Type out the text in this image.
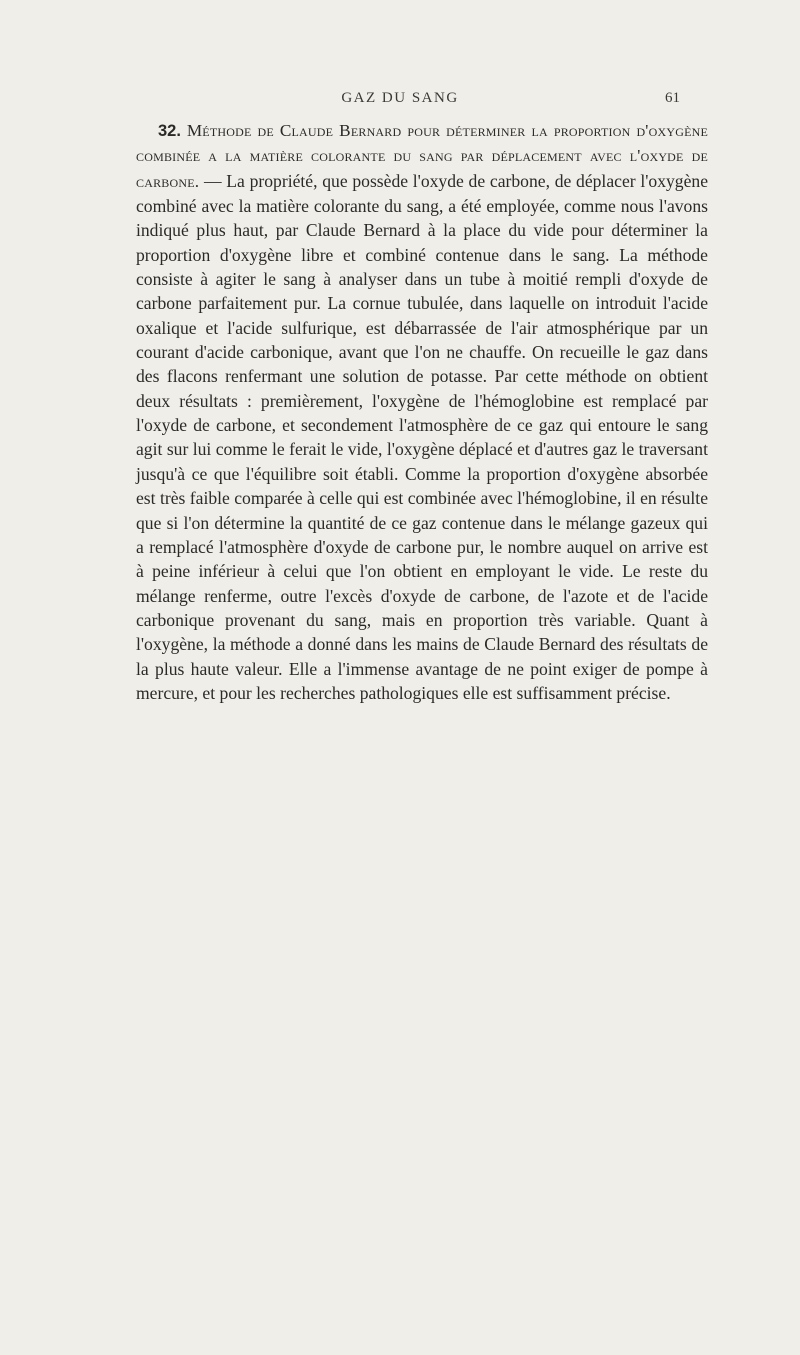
GAZ DU SANG	61
32. Méthode de Claude Bernard pour déterminer la proportion d'oxygène combinée a la matière colorante du sang par déplacement avec l'oxyde de carbone. — La propriété, que possède l'oxyde de carbone, de déplacer l'oxygène combiné avec la matière colorante du sang, a été employée, comme nous l'avons indiqué plus haut, par Claude Bernard à la place du vide pour déterminer la proportion d'oxygène libre et combiné contenue dans le sang. La méthode consiste à agiter le sang à analyser dans un tube à moitié rempli d'oxyde de carbone parfaitement pur. La cornue tubulée, dans laquelle on introduit l'acide oxalique et l'acide sulfurique, est débarrassée de l'air atmosphérique par un courant d'acide carbonique, avant que l'on ne chauffe. On recueille le gaz dans des flacons renfermant une solution de potasse. Par cette méthode on obtient deux résultats : premièrement, l'oxygène de l'hémoglobine est remplacé par l'oxyde de carbone, et secondement l'atmosphère de ce gaz qui entoure le sang agit sur lui comme le ferait le vide, l'oxygène déplacé et d'autres gaz le traversant jusqu'à ce que l'équilibre soit établi. Comme la proportion d'oxygène absorbée est très faible comparée à celle qui est combinée avec l'hémoglobine, il en résulte que si l'on détermine la quantité de ce gaz contenue dans le mélange gazeux qui a remplacé l'atmosphère d'oxyde de carbone pur, le nombre auquel on arrive est à peine inférieur à celui que l'on obtient en employant le vide. Le reste du mélange renferme, outre l'excès d'oxyde de carbone, de l'azote et de l'acide carbonique provenant du sang, mais en proportion très variable. Quant à l'oxygène, la méthode a donné dans les mains de Claude Bernard des résultats de la plus haute valeur. Elle a l'immense avantage de ne point exiger de pompe à mercure, et pour les recherches pathologiques elle est suffisamment précise.
